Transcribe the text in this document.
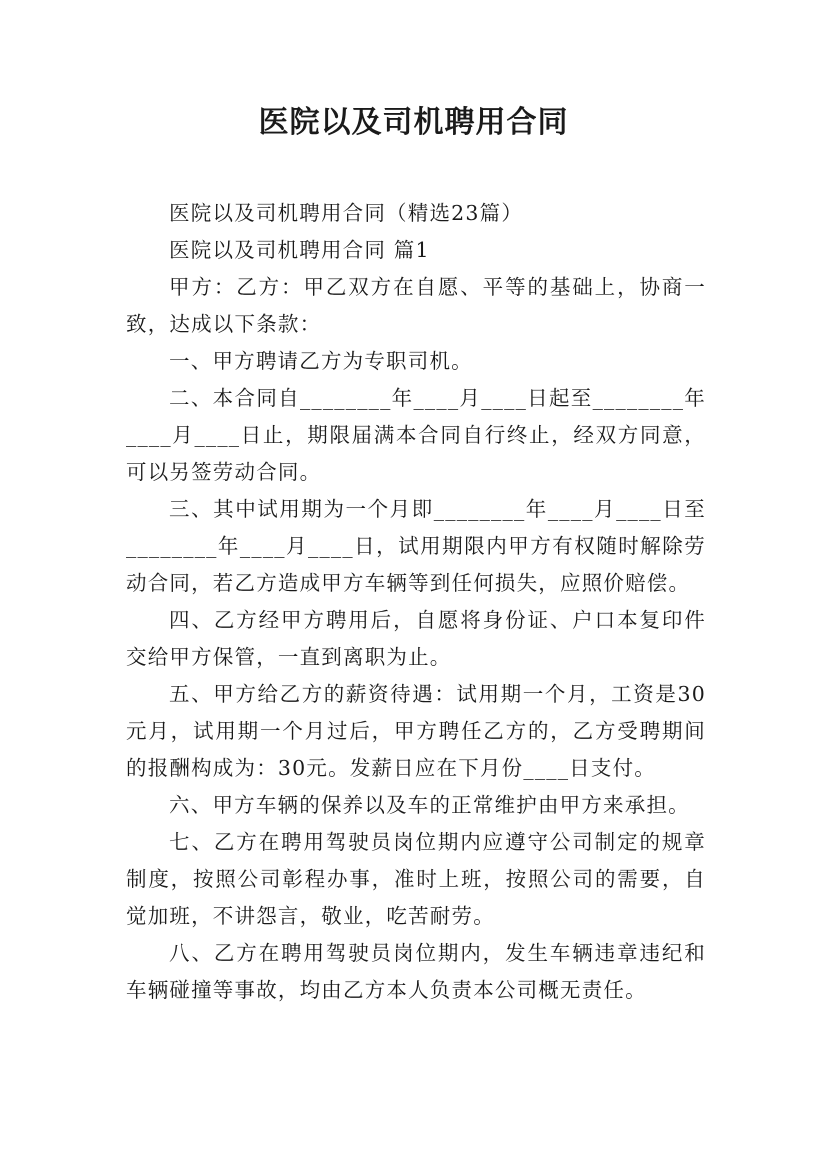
医院以及司机聘用合同

医院以及司机聘用合同（精选23篇）

医院以及司机聘用合同 篇1

甲方：乙方：甲乙双方在自愿、平等的基础上，协商一致，达成以下条款：

一、甲方聘请乙方为专职司机。

二、本合同自________年____月____日起至________年____月____日止，期限届满本合同自行终止，经双方同意，可以另签劳动合同。

三、其中试用期为一个月即________年____月____日至________年____月____日，试用期限内甲方有权随时解除劳动合同，若乙方造成甲方车辆等到任何损失，应照价赔偿。

四、乙方经甲方聘用后，自愿将身份证、户口本复印件交给甲方保管，一直到离职为止。

五、甲方给乙方的薪资待遇：试用期一个月，工资是30元月，试用期一个月过后，甲方聘任乙方的，乙方受聘期间的报酬构成为：30元。发薪日应在下月份____日支付。

六、甲方车辆的保养以及车的正常维护由甲方来承担。

七、乙方在聘用驾驶员岗位期内应遵守公司制定的规章制度，按照公司彰程办事，准时上班，按照公司的需要，自觉加班，不讲怨言，敬业，吃苦耐劳。

八、乙方在聘用驾驶员岗位期内，发生车辆违章违纪和车辆碰撞等事故，均由乙方本人负责本公司概无责任。
